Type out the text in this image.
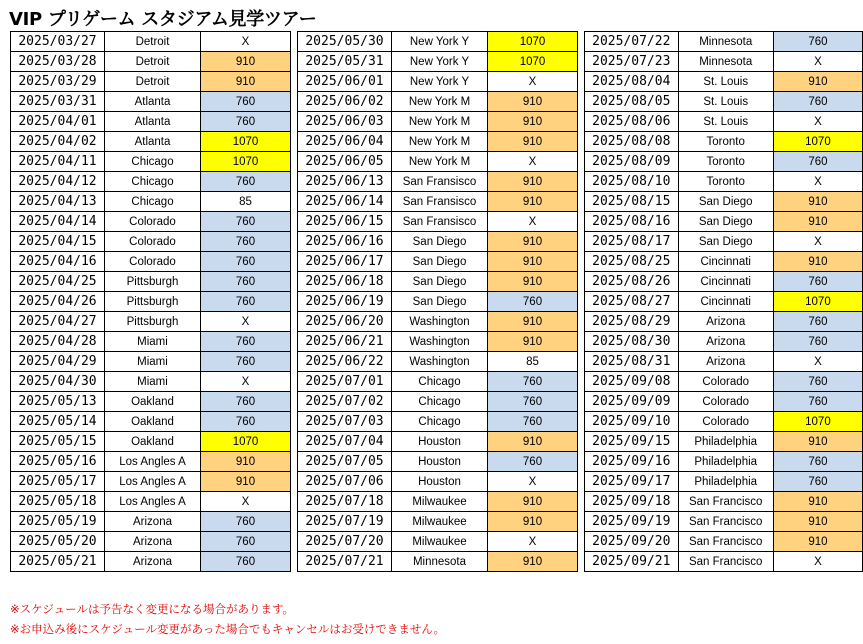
VIP プリゲーム スタジアム見学ツアー
2025/03/27	Detroit	X
2025/03/28	Detroit	910
2025/03/29	Detroit	910
2025/03/31	Atlanta	760
2025/04/01	Atlanta	760
2025/04/02	Atlanta	1070
2025/04/11	Chicago	1070
2025/04/12	Chicago	760
2025/04/13	Chicago	85
2025/04/14	Colorado	760
2025/04/15	Colorado	760
2025/04/16	Colorado	760
2025/04/25	Pittsburgh	760
2025/04/26	Pittsburgh	760
2025/04/27	Pittsburgh	X
2025/04/28	Miami	760
2025/04/29	Miami	760
2025/04/30	Miami	X
2025/05/13	Oakland	760
2025/05/14	Oakland	760
2025/05/15	Oakland	1070
2025/05/16	Los Angles A	910
2025/05/17	Los Angles A	910
2025/05/18	Los Angles A	X
2025/05/19	Arizona	760
2025/05/20	Arizona	760
2025/05/21	Arizona	760
2025/05/30	New York Y	1070
2025/05/31	New York Y	1070
2025/06/01	New York Y	X
2025/06/02	New York M	910
2025/06/03	New York M	910
2025/06/04	New York M	910
2025/06/05	New York M	X
2025/06/13	San Fransisco	910
2025/06/14	San Fransisco	910
2025/06/15	San Fransisco	X
2025/06/16	San Diego	910
2025/06/17	San Diego	910
2025/06/18	San Diego	910
2025/06/19	San Diego	760
2025/06/20	Washington	910
2025/06/21	Washington	910
2025/06/22	Washington	85
2025/07/01	Chicago	760
2025/07/02	Chicago	760
2025/07/03	Chicago	760
2025/07/04	Houston	910
2025/07/05	Houston	760
2025/07/06	Houston	X
2025/07/18	Milwaukee	910
2025/07/19	Milwaukee	910
2025/07/20	Milwaukee	X
2025/07/21	Minnesota	910
2025/07/22	Minnesota	760
2025/07/23	Minnesota	X
2025/08/04	St. Louis	910
2025/08/05	St. Louis	760
2025/08/06	St. Louis	X
2025/08/08	Toronto	1070
2025/08/09	Toronto	760
2025/08/10	Toronto	X
2025/08/15	San Diego	910
2025/08/16	San Diego	910
2025/08/17	San Diego	X
2025/08/25	Cincinnati	910
2025/08/26	Cincinnati	760
2025/08/27	Cincinnati	1070
2025/08/29	Arizona	760
2025/08/30	Arizona	760
2025/08/31	Arizona	X
2025/09/08	Colorado	760
2025/09/09	Colorado	760
2025/09/10	Colorado	1070
2025/09/15	Philadelphia	910
2025/09/16	Philadelphia	760
2025/09/17	Philadelphia	760
2025/09/18	San Francisco	910
2025/09/19	San Francisco	910
2025/09/20	San Francisco	910
2025/09/21	San Francisco	X
※スケジュールは予告なく変更になる場合があります。
※お申込み後にスケジュール変更があった場合でもキャンセルはお受けできません。
